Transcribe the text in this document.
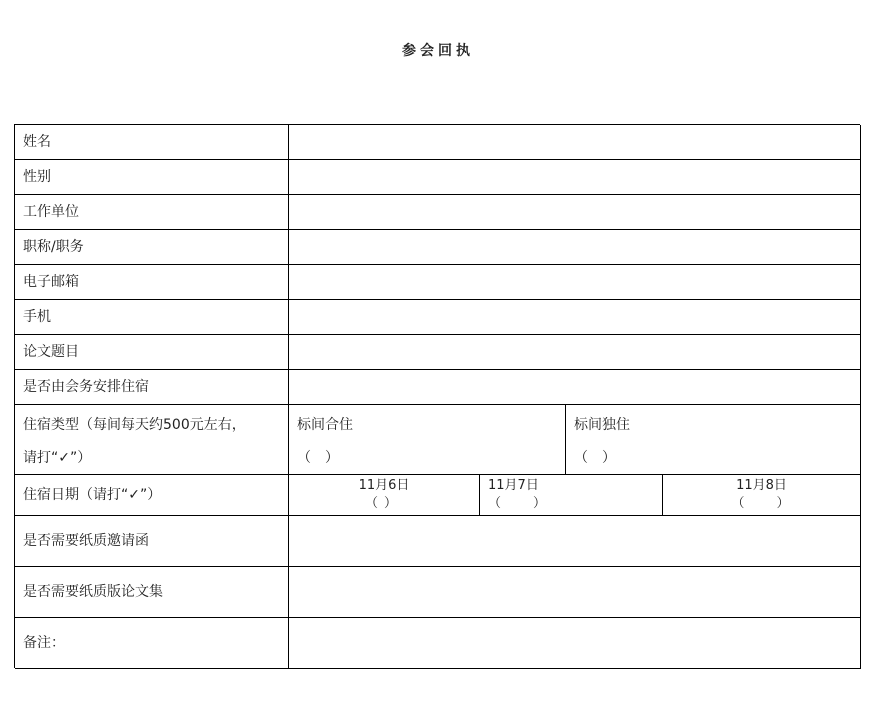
参会回执
姓名
性别
工作单位
职称/职务
电子邮箱
手机
论文题目
是否由会务安排住宿
住宿类型（每间每天约500元左右，
请打“✓”）
标间合住
（　）
标间独住
（　）
住宿日期（请打“✓”）
11月6日
（）
11月7日
（　　）
11月8日
（　　）
是否需要纸质邀请函
是否需要纸质版论文集
备注：
